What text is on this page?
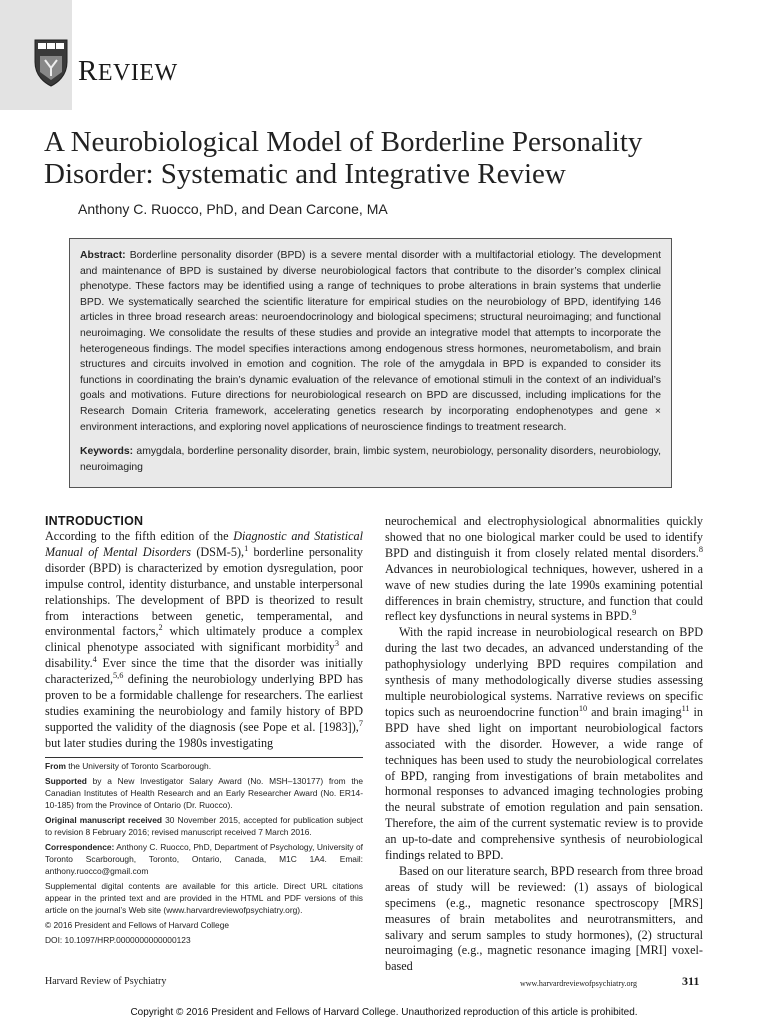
REVIEW
A Neurobiological Model of Borderline Personality Disorder: Systematic and Integrative Review
Anthony C. Ruocco, PhD, and Dean Carcone, MA

Abstract: Borderline personality disorder (BPD) is a severe mental disorder with a multifactorial etiology. The development and maintenance of BPD is sustained by diverse neurobiological factors that contribute to the disorder’s complex clinical phenotype. These factors may be identified using a range of techniques to probe alterations in brain systems that underlie BPD. We systematically searched the scientific literature for empirical studies on the neurobiology of BPD, identifying 146 articles in three broad research areas: neuroendocrinology and biological specimens; structural neuroimaging; and functional neuroimaging. We consolidate the results of these studies and provide an integrative model that attempts to incorporate the heterogeneous findings. The model specifies interactions among endogenous stress hormones, neurometabolism, and brain structures and circuits involved in emotion and cognition. The role of the amygdala in BPD is expanded to consider its functions in coordinating the brain’s dynamic evaluation of the relevance of emotional stimuli in the context of an individual’s goals and motivations. Future directions for neurobiological research on BPD are discussed, including implications for the Research Domain Criteria framework, accelerating genetics research by incorporating endophenotypes and gene × environment interactions, and exploring novel applications of neuroscience findings to treatment research.

Keywords: amygdala, borderline personality disorder, brain, limbic system, neurobiology, personality disorders, neurobiology, neuroimaging

INTRODUCTION

According to the fifth edition of the Diagnostic and Statistical Manual of Mental Disorders (DSM-5),$^1$ borderline personality disorder (BPD) is characterized by emotion dysregulation, poor impulse control, identity disturbance, and unstable interpersonal relationships. The development of BPD is theorized to result from interactions between genetic, temperamental, and environmental factors,$^2$ which ultimately produce a complex clinical phenotype associated with significant morbidity$^3$ and disability.$^4$ Ever since the time that the disorder was initially characterized,$^{5,6}$ defining the neurobiology underlying BPD has proven to be a formidable challenge for researchers. The earliest studies examining the neurobiology and family history of BPD supported the validity of the diagnosis (see Pope et al. [1983]),$^7$ but later studies during the 1980s investigating

From the University of Toronto Scarborough.

Supported by a New Investigator Salary Award (No. MSH–130177) from the Canadian Institutes of Health Research and an Early Researcher Award (No. ER14-10-185) from the Province of Ontario (Dr. Ruocco).

Original manuscript received 30 November 2015, accepted for publication subject to revision 8 February 2016; revised manuscript received 7 March 2016.

Correspondence: Anthony C. Ruocco, PhD, Department of Psychology, University of Toronto Scarborough, Toronto, Ontario, Canada, M1C 1A4. Email: anthony.ruocco@gmail.com

Supplemental digital contents are available for this article. Direct URL citations appear in the printed text and are provided in the HTML and PDF versions of this article on the journal’s Web site (www.harvardreviewofpsychiatry.org).

© 2016 President and Fellows of Harvard College

DOI: 10.1097/HRP.0000000000000123

neurochemical and electrophysiological abnormalities quickly showed that no one biological marker could be used to identify BPD and distinguish it from closely related mental disorders.$^8$ Advances in neurobiological techniques, however, ushered in a wave of new studies during the late 1990s examining potential differences in brain chemistry, structure, and function that could reflect key dysfunctions in neural systems in BPD.$^9$

With the rapid increase in neurobiological research on BPD during the last two decades, an advanced understanding of the pathophysiology underlying BPD requires compilation and synthesis of many methodologically diverse studies assessing multiple neurobiological systems. Narrative reviews on specific topics such as neuroendocrine function$^{10}$ and brain imaging$^{11}$ in BPD have shed light on important neurobiological factors associated with the disorder. However, a wide range of techniques has been used to study the neurobiological correlates of BPD, ranging from investigations of brain metabolites and hormonal responses to advanced imaging technologies probing the neural substrate of emotion regulation and pain sensation. Therefore, the aim of the current systematic review is to provide an up-to-date and comprehensive synthesis of neurobiological findings related to BPD.

Based on our literature search, BPD research from three broad areas of study will be reviewed: (1) assays of biological specimens (e.g., magnetic resonance spectroscopy [MRS] measures of brain metabolites and neurotransmitters, and salivary and serum samples to study hormones), (2) structural neuroimaging (e.g., magnetic resonance imaging [MRI] voxel-based

Harvard Review of Psychiatry	www.harvardreviewofpsychiatry.org	311
Copyright © 2016 President and Fellows of Harvard College. Unauthorized reproduction of this article is prohibited.
